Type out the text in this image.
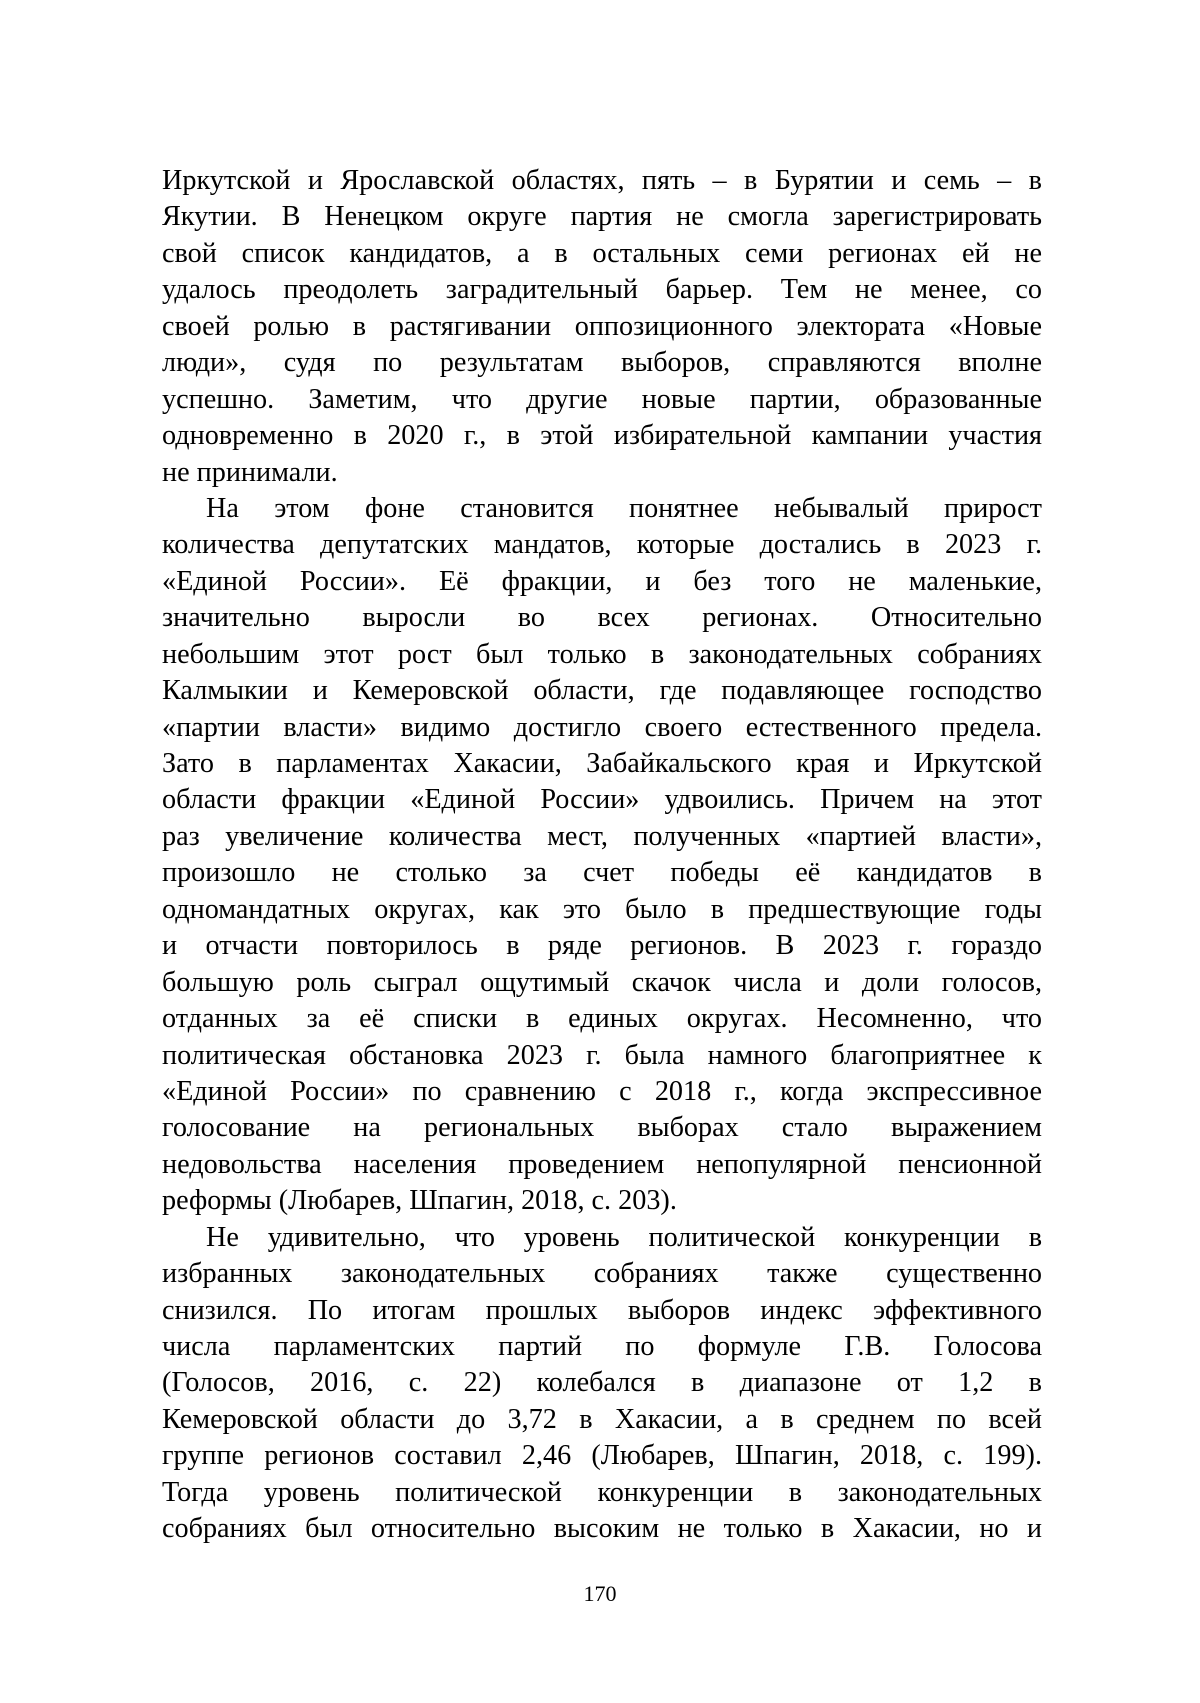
Иркутской и Ярославской областях, пять – в Бурятии и семь – в
Якутии. В Ненецком округе партия не смогла зарегистрировать
свой список кандидатов, а в остальных семи регионах ей не
удалось преодолеть заградительный барьер. Тем не менее, со
своей ролью в растягивании оппозиционного электората «Новые
люди», судя по результатам выборов, справляются вполне
успешно. Заметим, что другие новые партии, образованные
одновременно в 2020 г., в этой избирательной кампании участия
не принимали.
На этом фоне становится понятнее небывалый прирост
количества депутатских мандатов, которые достались в 2023 г.
«Единой России». Её фракции, и без того не маленькие,
значительно выросли во всех регионах. Относительно
небольшим этот рост был только в законодательных собраниях
Калмыкии и Кемеровской области, где подавляющее господство
«партии власти» видимо достигло своего естественного предела.
Зато в парламентах Хакасии, Забайкальского края и Иркутской
области фракции «Единой России» удвоились. Причем на этот
раз увеличение количества мест, полученных «партией власти»,
произошло не столько за счет победы её кандидатов в
одномандатных округах, как это было в предшествующие годы
и отчасти повторилось в ряде регионов. В 2023 г. гораздо
большую роль сыграл ощутимый скачок числа и доли голосов,
отданных за её списки в единых округах. Несомненно, что
политическая обстановка 2023 г. была намного благоприятнее к
«Единой России» по сравнению с 2018 г., когда экспрессивное
голосование на региональных выборах стало выражением
недовольства населения проведением непопулярной пенсионной
реформы (Любарев, Шпагин, 2018, с. 203).
Не удивительно, что уровень политической конкуренции в
избранных законодательных собраниях также существенно
снизился. По итогам прошлых выборов индекс эффективного
числа парламентских партий по формуле Г.В. Голосова
(Голосов, 2016, с. 22) колебался в диапазоне от 1,2 в
Кемеровской области до 3,72 в Хакасии, а в среднем по всей
группе регионов составил 2,46 (Любарев, Шпагин, 2018, с. 199).
Тогда уровень политической конкуренции в законодательных
собраниях был относительно высоким не только в Хакасии, но и
170
